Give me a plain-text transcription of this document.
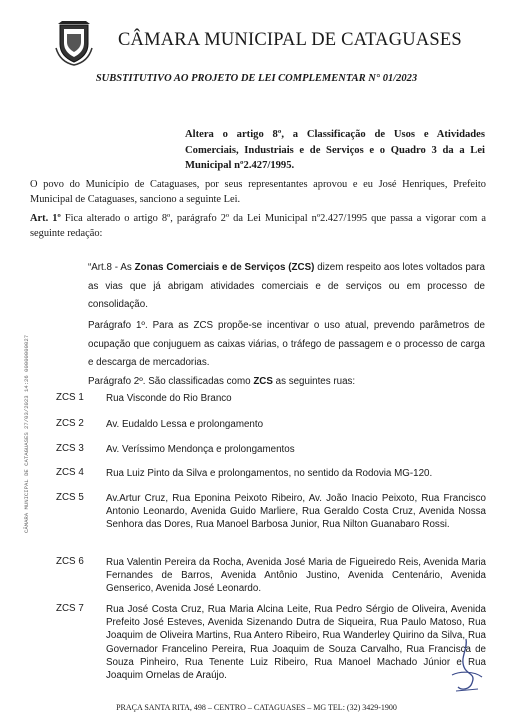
CÂMARA MUNICIPAL DE CATAGUASES
SUBSTITUTIVO AO PROJETO DE LEI COMPLEMENTAR N° 01/2023
Altera o artigo 8º, a Classificação de Usos e Atividades Comerciais, Industriais e de Serviços e o Quadro 3 da a Lei Municipal nº2.427/1995.
O povo do Município de Cataguases, por seus representantes aprovou e eu José Henriques, Prefeito Municipal de Cataguases, sanciono a seguinte Lei.
Art. 1º Fica alterado o artigo 8º, parágrafo 2º da Lei Municipal nº2.427/1995 que passa a vigorar com a seguinte redação:
“Art.8 - As Zonas Comerciais e de Serviços (ZCS) dizem respeito aos lotes voltados para as vias que já abrigam atividades comerciais e de serviços ou em processo de consolidação.
Parágrafo 1º. Para as ZCS propõe-se incentivar o uso atual, prevendo parâmetros de ocupação que conjuguem as caixas viárias, o tráfego de passagem e o processo de carga e descarga de mercadorias.
Parágrafo 2º. São classificadas como ZCS as seguintes ruas:
ZCS 1 Rua Visconde do Rio Branco
ZCS 2 Av. Eudaldo Lessa e prolongamento
ZCS 3 Av. Veríssimo Mendonça e prolongamentos
ZCS 4 Rua Luiz Pinto da Silva e prolongamentos, no sentido da Rodovia MG-120.
ZCS 5 Av.Artur Cruz, Rua Eponina Peixoto Ribeiro, Av. João Inacio Peixoto, Rua Francisco Antonio Leonardo, Avenida Guido Marliere, Rua Geraldo Costa Cruz, Avenida Nossa Senhora das Dores, Rua Manoel Barbosa Junior, Rua Nilton Guanabaro Rossi.
ZCS 6 Rua Valentin Pereira da Rocha, Avenida José Maria de Figueiredo Reis, Avenida Maria Fernandes de Barros, Avenida Antônio Justino, Avenida Centenário, Avenida Genserico, Avenida José Leonardo.
ZCS 7 Rua José Costa Cruz, Rua Maria Alcina Leite, Rua Pedro Sérgio de Oliveira, Avenida Prefeito José Esteves, Avenida Sizenando Dutra de Siqueira, Rua Paulo Matoso, Rua Joaquim de Oliveira Martins, Rua Antero Ribeiro, Rua Wanderley Quirino da Silva, Rua Governador Francelino Pereira, Rua Joaquim de Souza Carvalho, Rua Francisca de Souza Pinheiro, Rua Tenente Luiz Ribeiro, Rua Manoel Machado Júnior e Rua Joaquim Ornelas de Araújo.
CÂMARA MUNICIPAL DE CATAGUASES 27/03/2023 14:26 00000000027
PRAÇA SANTA RITA, 498 – CENTRO – CATAGUASES – MG TEL: (32) 3429-1900
